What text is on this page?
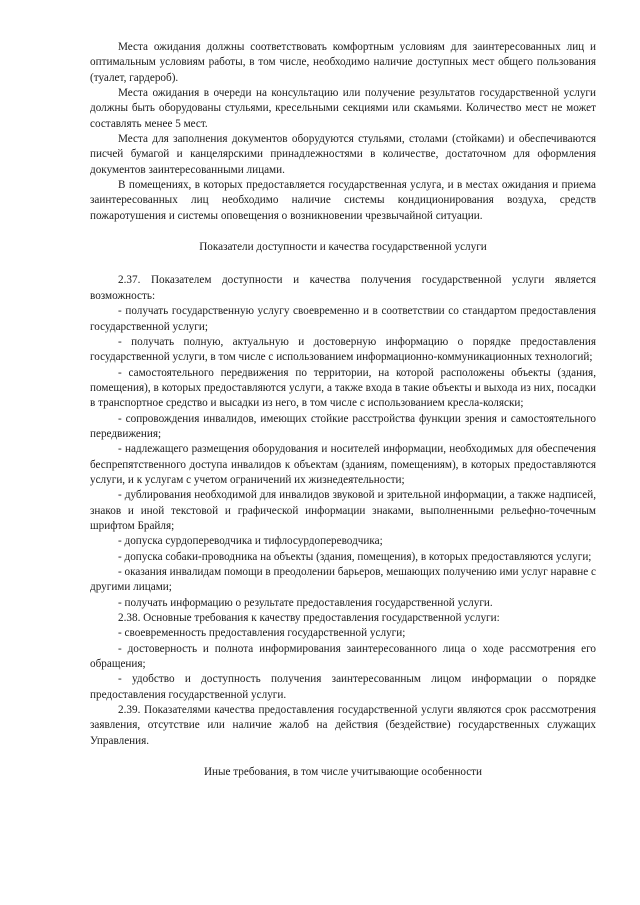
Места ожидания должны соответствовать комфортным условиям для заинтересованных лиц и оптимальным условиям работы, в том числе, необходимо наличие доступных мест общего пользования (туалет, гардероб).

Места ожидания в очереди на консультацию или получение результатов государственной услуги должны быть оборудованы стульями, кресельными секциями или скамьями. Количество мест не может составлять менее 5 мест.

Места для заполнения документов оборудуются стульями, столами (стойками) и обеспечиваются писчей бумагой и канцелярскими принадлежностями в количестве, достаточном для оформления документов заинтересованными лицами.

В помещениях, в которых предоставляется государственная услуга, и в местах ожидания и приема заинтересованных лиц необходимо наличие системы кондиционирования воздуха, средств пожаротушения и системы оповещения о возникновении чрезвычайной ситуации.

Показатели доступности и качества государственной услуги

2.37. Показателем доступности и качества получения государственной услуги является возможность:

- получать государственную услугу своевременно и в соответствии со стандартом предоставления государственной услуги;

- получать полную, актуальную и достоверную информацию о порядке предоставления государственной услуги, в том числе с использованием информационно-коммуникационных технологий;

- самостоятельного передвижения по территории, на которой расположены объекты (здания, помещения), в которых предоставляются услуги, а также входа в такие объекты и выхода из них, посадки в транспортное средство и высадки из него, в том числе с использованием кресла-коляски;

- сопровождения инвалидов, имеющих стойкие расстройства функции зрения и самостоятельного передвижения;

- надлежащего размещения оборудования и носителей информации, необходимых для обеспечения беспрепятственного доступа инвалидов к объектам (зданиям, помещениям), в которых предоставляются услуги, и к услугам с учетом ограничений их жизнедеятельности;

- дублирования необходимой для инвалидов звуковой и зрительной информации, а также надписей, знаков и иной текстовой и графической информации знаками, выполненными рельефно-точечным шрифтом Брайля;

- допуска сурдопереводчика и тифлосурдопереводчика;

- допуска собаки-проводника на объекты (здания, помещения), в которых предоставляются услуги;

- оказания инвалидам помощи в преодолении барьеров, мешающих получению ими услуг наравне с другими лицами;

- получать информацию о результате предоставления государственной услуги.

2.38. Основные требования к качеству предоставления государственной услуги:

- своевременность предоставления государственной услуги;

- достоверность и полнота информирования заинтересованного лица о ходе рассмотрения его обращения;

- удобство и доступность получения заинтересованным лицом информации о порядке предоставления государственной услуги.

2.39. Показателями качества предоставления государственной услуги являются срок рассмотрения заявления, отсутствие или наличие жалоб на действия (бездействие) государственных служащих Управления.

Иные требования, в том числе учитывающие особенности
